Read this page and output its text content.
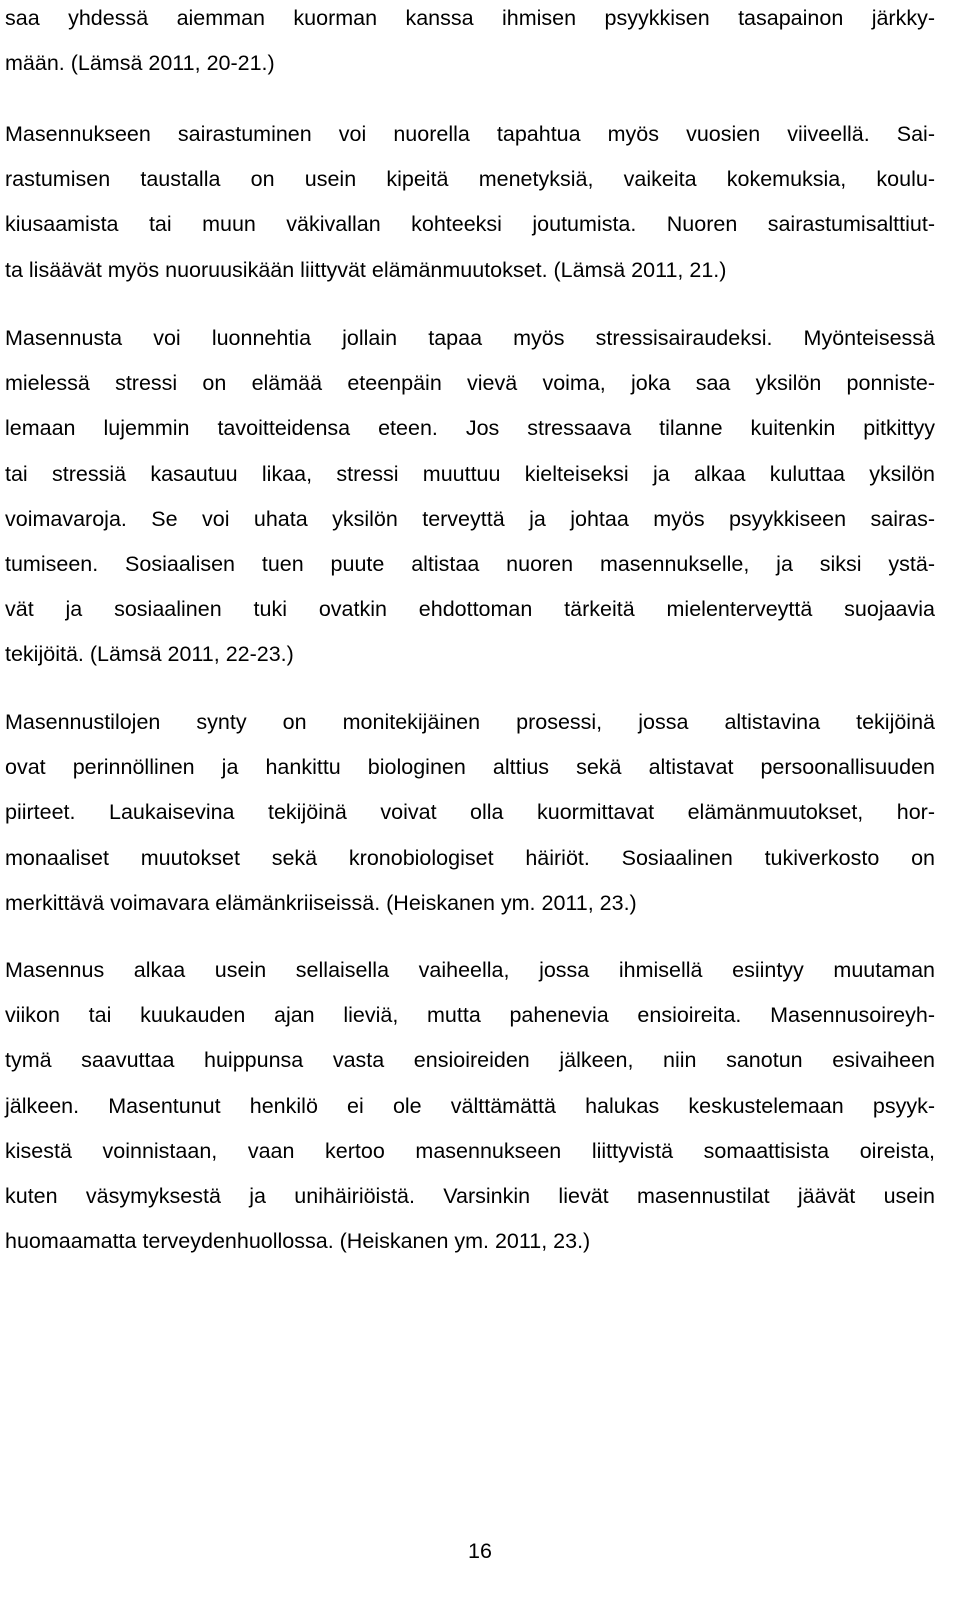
saa yhdessä aiemman kuorman kanssa ihmisen psyykkisen tasapainon järkky-
mään. (Lämsä 2011, 20-21.)
Masennukseen sairastuminen voi nuorella tapahtua myös vuosien viiveellä. Sai-
rastumisen taustalla on usein kipeitä menetyksiä, vaikeita kokemuksia, koulu-
kiusaamista tai muun väkivallan kohteeksi joutumista. Nuoren sairastumisalttiut-
ta lisäävät myös nuoruusikään liittyvät elämänmuutokset. (Lämsä 2011, 21.)
Masennusta voi luonnehtia jollain tapaa myös stressisairaudeksi. Myönteisessä
mielessä stressi on elämää eteenpäin vievä voima, joka saa yksilön ponniste-
lemaan lujemmin tavoitteidensa eteen. Jos stressaava tilanne kuitenkin pitkittyy
tai stressiä kasautuu likaa, stressi muuttuu kielteiseksi ja alkaa kuluttaa yksilön
voimavaroja. Se voi uhata yksilön terveyttä ja johtaa myös psyykkiseen sairas-
tumiseen. Sosiaalisen tuen puute altistaa nuoren masennukselle, ja siksi ystä-
vät ja sosiaalinen tuki ovatkin ehdottoman tärkeitä mielenterveyttä suojaavia
tekijöitä. (Lämsä 2011, 22-23.)
Masennustilojen synty on monitekijäinen prosessi, jossa altistavina tekijöinä
ovat perinnöllinen ja hankittu biologinen alttius sekä altistavat persoonallisuuden
piirteet. Laukaisevina tekijöinä voivat olla kuormittavat elämänmuutokset, hor-
monaaliset muutokset sekä kronobiologiset häiriöt. Sosiaalinen tukiverkosto on
merkittävä voimavara elämänkriiseissä. (Heiskanen ym. 2011, 23.)
Masennus alkaa usein sellaisella vaiheella, jossa ihmisellä esiintyy muutaman
viikon tai kuukauden ajan lieviä, mutta pahenevia ensioireita. Masennusoireyh-
tymä saavuttaa huippunsa vasta ensioireiden jälkeen, niin sanotun esivaiheen
jälkeen. Masentunut henkilö ei ole välttämättä halukas keskustelemaan psyyk-
kisestä voinnistaan, vaan kertoo masennukseen liittyvistä somaattisista oireista,
kuten väsymyksestä ja unihäiriöistä. Varsinkin lievät masennustilat jäävät usein
huomaamatta terveydenhuollossa. (Heiskanen ym. 2011, 23.)
16
